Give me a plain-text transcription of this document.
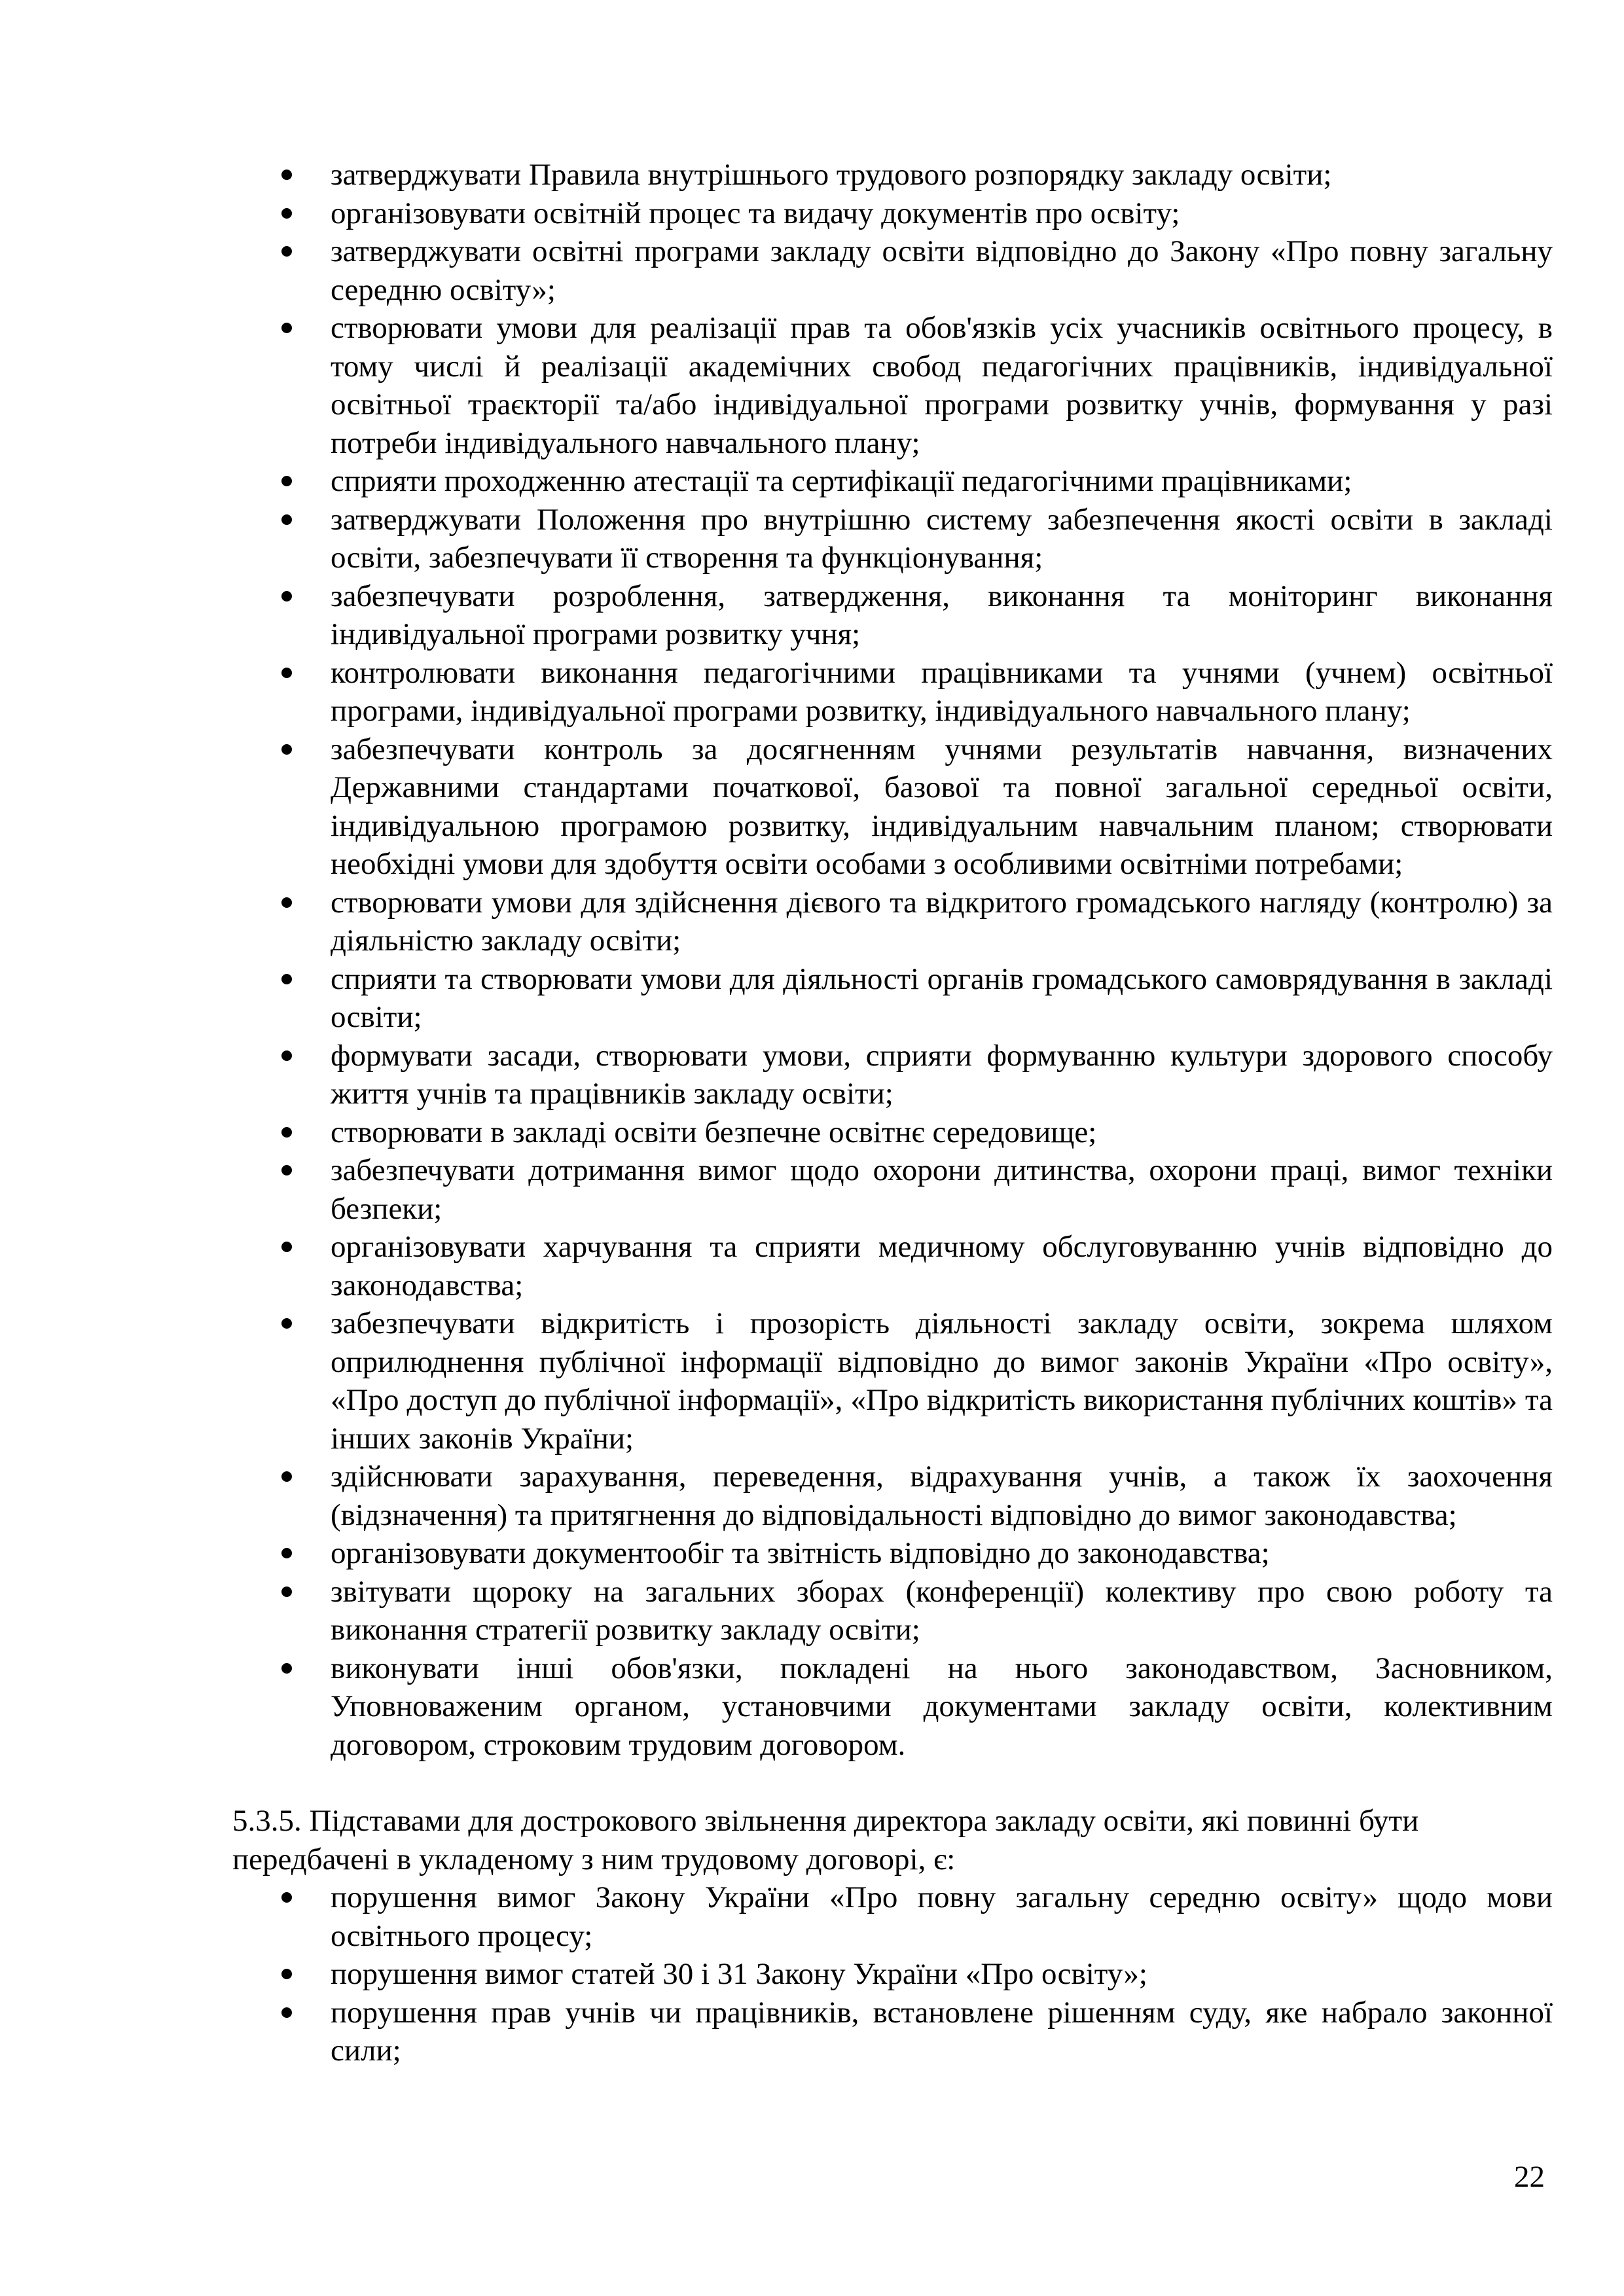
затверджувати Правила внутрішнього трудового розпорядку закладу освіти;
організовувати освітній процес та видачу документів про освіту;
затверджувати освітні програми закладу освіти відповідно до Закону «Про повну загальну середню освіту»;
створювати умови для реалізації прав та обов'язків усіх учасників освітнього процесу, в тому числі й реалізації академічних свобод педагогічних працівників, індивідуальної освітньої траєкторії та/або індивідуальної програми розвитку учнів, формування у разі потреби індивідуального навчального плану;
сприяти проходженню атестації та сертифікації педагогічними працівниками;
затверджувати Положення про внутрішню систему забезпечення якості освіти в закладі освіти, забезпечувати її створення та функціонування;
забезпечувати розроблення, затвердження, виконання та моніторинг виконання індивідуальної програми розвитку учня;
контролювати виконання педагогічними працівниками та учнями (учнем) освітньої програми, індивідуальної програми розвитку, індивідуального навчального плану;
забезпечувати контроль за досягненням учнями результатів навчання, визначених Державними стандартами початкової, базової та повної загальної середньої освіти, індивідуальною програмою розвитку, індивідуальним навчальним планом; створювати необхідні умови для здобуття освіти особами з особливими освітніми потребами;
створювати умови для здійснення дієвого та відкритого громадського нагляду (контролю) за діяльністю закладу освіти;
сприяти та створювати умови для діяльності органів громадського самоврядування в закладі освіти;
формувати засади, створювати умови, сприяти формуванню культури здорового способу життя учнів та працівників закладу освіти;
створювати в закладі освіти безпечне освітнє середовище;
забезпечувати дотримання вимог щодо охорони дитинства, охорони праці, вимог техніки безпеки;
організовувати харчування та сприяти медичному обслуговуванню учнів відповідно до законодавства;
забезпечувати відкритість і прозорість діяльності закладу освіти, зокрема шляхом оприлюднення публічної інформації відповідно до вимог законів України «Про освіту», «Про доступ до публічної інформації», «Про відкритість використання публічних коштів» та інших законів України;
здійснювати зарахування, переведення, відрахування учнів, а також їх заохочення (відзначення) та притягнення до відповідальності відповідно до вимог законодавства;
організовувати документообіг та звітність відповідно до законодавства;
звітувати щороку на загальних зборах (конференції) колективу про свою роботу та виконання стратегії розвитку закладу освіти;
виконувати інші обов'язки, покладені на нього законодавством, Засновником, Уповноваженим органом, установчими документами закладу освіти, колективним договором, строковим трудовим договором.

5.3.5. Підставами для дострокового звільнення директора закладу освіти, які повинні бути передбачені в укладеному з ним трудовому договорі, є:

порушення вимог Закону України «Про повну загальну середню освіту» щодо мови освітнього процесу;
порушення вимог статей 30 і 31 Закону України «Про освіту»;
порушення прав учнів чи працівників, встановлене рішенням суду, яке набрало законної сили;
22
